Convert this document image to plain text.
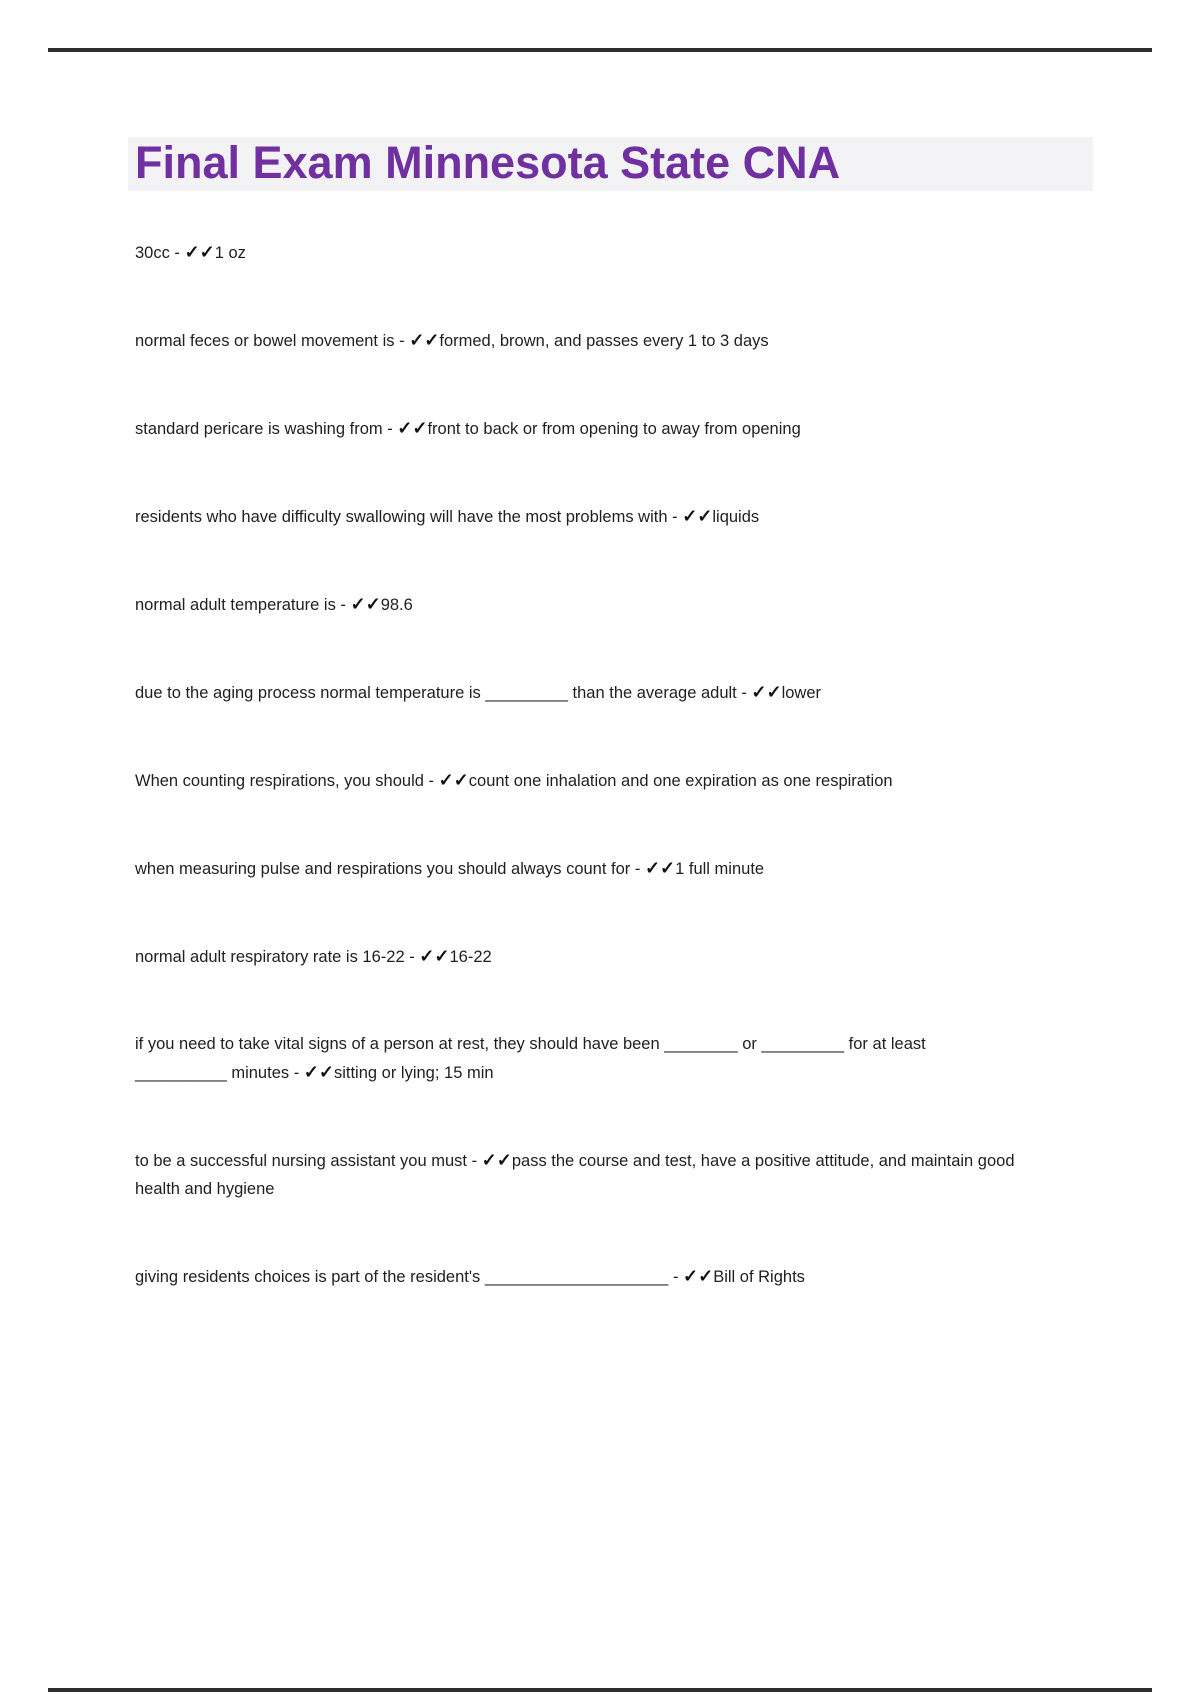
Final Exam Minnesota State CNA

30cc - ✓✓1 oz

normal feces or bowel movement is - ✓✓formed, brown, and passes every 1 to 3 days

standard pericare is washing from - ✓✓front to back or from opening to away from opening

residents who have difficulty swallowing will have the most problems with - ✓✓liquids

normal adult temperature is - ✓✓98.6

due to the aging process normal temperature is _________ than the average adult - ✓✓lower

When counting respirations, you should - ✓✓count one inhalation and one expiration as one respiration

when measuring pulse and respirations you should always count for - ✓✓1 full minute

normal adult respiratory rate is 16-22 - ✓✓16-22

if you need to take vital signs of a person at rest, they should have been ________ or _________ for at least __________ minutes - ✓✓sitting or lying; 15 min

to be a successful nursing assistant you must - ✓✓pass the course and test, have a positive attitude, and maintain good health and hygiene

giving residents choices is part of the resident's ____________________ - ✓✓Bill of Rights
